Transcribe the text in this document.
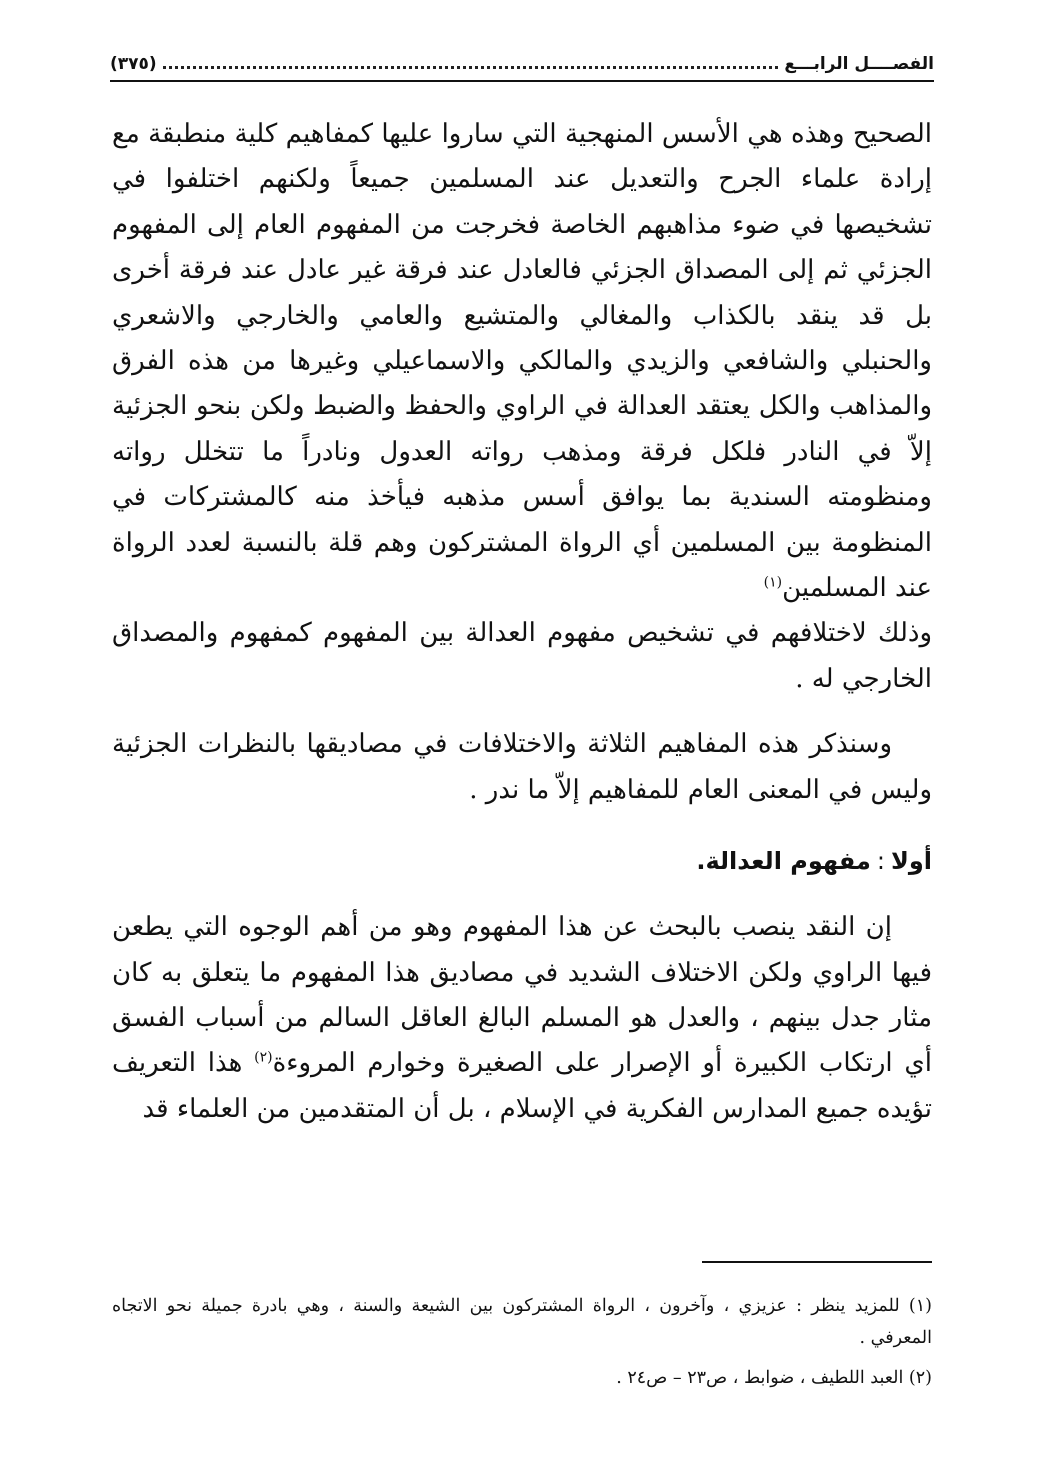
الفصــــل الرابـــع
(٣٧٥)

الصحيح وهذه هي الأسس المنهجية التي ساروا عليها كمفاهيم كلية منطبقة مع إرادة علماء الجرح والتعديل عند المسلمين جميعاً ولكنهم اختلفوا في تشخيصها في ضوء مذاهبهم الخاصة فخرجت من المفهوم العام إلى المفهوم الجزئي ثم إلى المصداق الجزئي فالعادل عند فرقة غير عادل عند فرقة أخرى بل قد ينقد بالكذاب والمغالي والمتشيع والعامي والخارجي والاشعري والحنبلي والشافعي والزيدي والمالكي والاسماعيلي وغيرها من هذه الفرق والمذاهب والكل يعتقد العدالة في الراوي والحفظ والضبط ولكن بنحو الجزئية إلاّ في النادر فلكل فرقة ومذهب رواته العدول ونادراً ما تتخلل رواته ومنظومته السندية بما يوافق أسس مذهبه فيأخذ منه كالمشتركات في المنظومة بين المسلمين أي الرواة المشتركون وهم قلة بالنسبة لعدد الرواة عند المسلمين$^{(١)}$

وذلك لاختلافهم في تشخيص مفهوم العدالة بين المفهوم كمفهوم والمصداق الخارجي له .

وسنذكر هذه المفاهيم الثلاثة والاختلافات في مصاديقها بالنظرات الجزئية وليس في المعنى العام للمفاهيم إلاّ ما ندر .

أولا:مفهوم العدالة.

إن النقد ينصب بالبحث عن هذا المفهوم وهو من أهم الوجوه التي يطعن فيها الراوي ولكن الاختلاف الشديد في مصاديق هذا المفهوم ما يتعلق به كان مثار جدل بينهم ، والعدل هو المسلم البالغ العاقل السالم من أسباب الفسق أي ارتكاب الكبيرة أو الإصرار على الصغيرة وخوارم المروءة$^{(٢)}$ هذا التعريف تؤيده جميع المدارس الفكرية في الإسلام ، بل أن المتقدمين من العلماء قد

(١) للمزيد ينظر : عزيزي ، وآخرون ، الرواة المشتركون بين الشيعة والسنة ، وهي بادرة جميلة نحو الاتجاه المعرفي .

(٢) العبد اللطيف ، ضوابط ، ص٢٣ – ص٢٤ .
